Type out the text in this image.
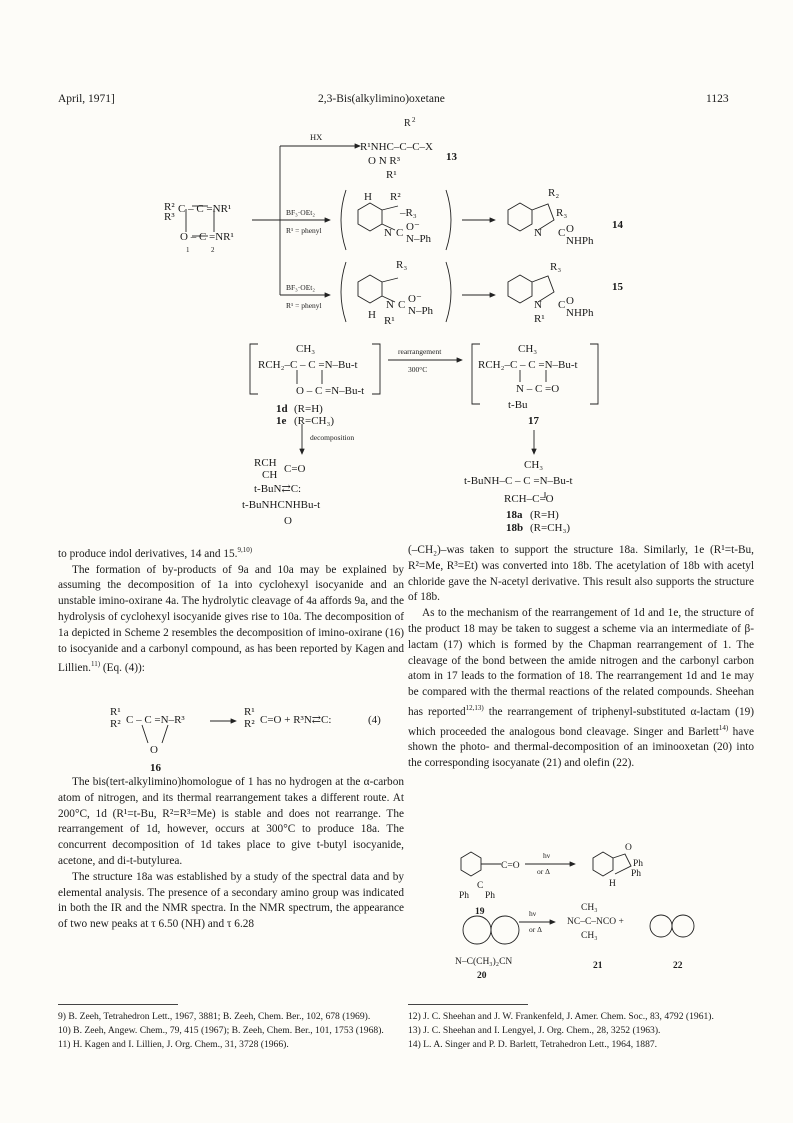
April, 1971]	2,3-Bis(alkylimino)oxetane	1123
HX
R 2
R¹NHC–C–C–X
O N R³
R¹
13
R²
R³
C – C =NR¹
O – C =NR¹
1	2
BF₃·OEt₂
R¹ = phenyl
BF₃·OEt₂
R¹ = phenyl
H R²
–R₃
N C O⁻
N–Ph
R₃
N C O⁻
N–Ph
H R¹
R₂
R₃
N C O
NHPh
14
R₃
N C O
NHPh
R¹
15
CH₃
RCH₂–C – C =N–Bu-t
O – C =N–Bu-t
1d (R=H)
1e (R=CH₃)
rearrangement
300°C
decomposition
CH₃
RCH₂–C – C =N–Bu-t
N – C =O
t-Bu
17
RCH
CH C=O
t-BuN⇄C:
t-BuNHCNHBu-t
O
CH₃
t-BuNH–C – C =N–Bu-t
RCH–C=O
18a (R=H)
18b (R=CH₃)

to produce indol derivatives, 14 and 15.$^{9,10)}$

The formation of by-products of 9a and 10a may be explained by assuming the decomposition of 1a into cyclohexyl isocyanide and an unstable imino-oxirane 4a. The hydrolytic cleavage of 4a affords 9a, and the hydrolysis of cyclohexyl isocyanide gives rise to 10a. The decomposition of 1a depicted in Scheme 2 resembles the decomposition of imino-oxirane (16) to isocyanide and a carbonyl compound, as has been reported by Kagen and Lillien.$^{11)}$ (Eq. (4)):

R¹
R² C – C =N–R³
O
16
R¹
R² C=O + R³N⇄C:	(4)

The bis(tert-alkylimino)homologue of 1 has no hydrogen at the α-carbon atom of nitrogen, and its thermal rearrangement takes a different route. At 200°C, 1d (R¹=t-Bu, R²=R³=Me) is stable and does not rearrange. The rearrangement of 1d, however, occurs at 300°C to produce 18a. The concurrent decomposition of 1d takes place to give t-butyl isocyanide, acetone, and di-t-butylurea.

The structure 18a was established by a study of the spectral data and by elemental analysis. The presence of a secondary amino group was indicated in both the IR and the NMR spectra. In the NMR spectrum, the appearance of two new peaks at τ 6.50 (NH) and τ 6.28

9) B. Zeeh, Tetrahedron Lett., 1967, 3881; B. Zeeh, Chem. Ber., 102, 678 (1969).
10) B. Zeeh, Angew. Chem., 79, 415 (1967); B. Zeeh, Chem. Ber., 101, 1753 (1968).
11) H. Kagen and I. Lillien, J. Org. Chem., 31, 3728 (1966).

(–CH₂)–was taken to support the structure 18a. Similarly, 1e (R¹=t-Bu, R²=Me, R³=Et) was converted into 18b. The acetylation of 18b with acetyl chloride gave the N-acetyl derivative. This result also supports the structure of 18b.

As to the mechanism of the rearrangement of 1d and 1e, the structure of the product 18 may be taken to suggest a scheme via an intermediate of β-lactam (17) which is formed by the Chapman rearrangement of 1. The cleavage of the bond between the amide nitrogen and the carbonyl carbon atom in 17 leads to the formation of 18. The rearrangement 1d and 1e may be compared with the thermal reactions of the related compounds. Sheehan has reported$^{12,13)}$ the rearrangement of triphenyl-substituted α-lactam (19) which proceeded the analogous bond cleavage. Singer and Barlett$^{14)}$ have shown the photo- and thermal-decomposition of an iminooxetan (20) into the corresponding isocyanate (21) and olefin (22).

C=O
C
Ph Ph
hν
or Δ
O
Ph
Ph
H
19	hν
or Δ
N–C(CH₃)₂CN
20
CH₃
NC–C–NCO +
CH₃
21	22
12) J. C. Sheehan and J. W. Frankenfeld, J. Amer. Chem. Soc., 83, 4792 (1961).
13) J. C. Sheehan and I. Lengyel, J. Org. Chem., 28, 3252 (1963).
14) L. A. Singer and P. D. Barlett, Tetrahedron Lett., 1964, 1887.
